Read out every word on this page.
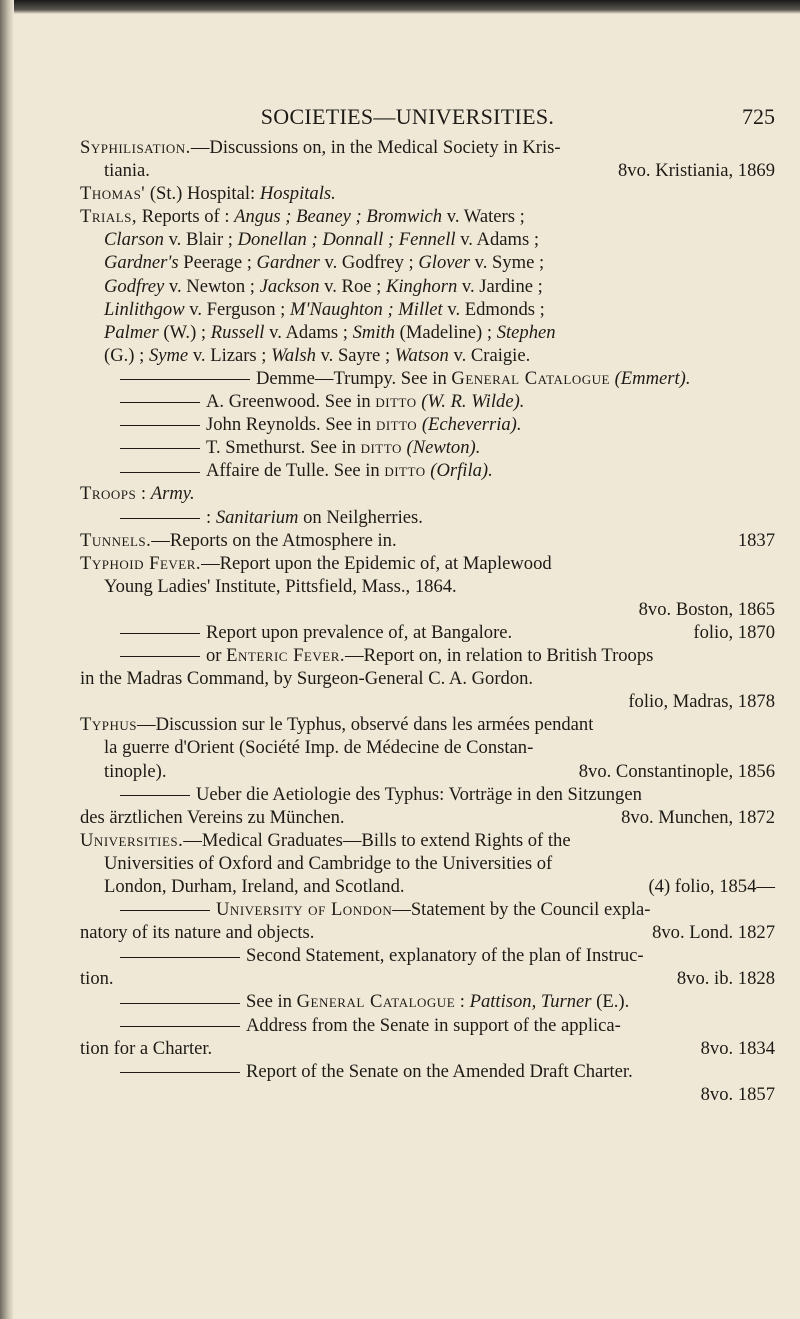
SOCIETIES—UNIVERSITIES.	725
Syphilisation.—Discussions on, in the Medical Society in Kris-
tiania.	8vo. Kristiania, 1869
Thomas' (St.) Hospital: Hospitals.
Trials, Reports of : Angus ; Beaney ; Bromwich v. Waters ;
Clarson v. Blair ; Donellan ; Donnall ; Fennell v. Adams ;
Gardner's Peerage ; Gardner v. Godfrey ; Glover v. Syme ;
Godfrey v. Newton ; Jackson v. Roe ; Kinghorn v. Jardine ;
Linlithgow v. Ferguson ; M'Naughton ; Millet v. Edmonds ;
Palmer (W.) ; Russell v. Adams ; Smith (Madeline) ; Stephen
(G.) ; Syme v. Lizars ; Walsh v. Sayre ; Watson v. Craigie.
Demme—Trumpy. See in General Catalogue (Emmert).
A. Greenwood. See in ditto (W. R. Wilde).
John Reynolds. See in ditto (Echeverria).
T. Smethurst. See in ditto (Newton).
Affaire de Tulle. See in ditto (Orfila).
Troops : Army.
: Sanitarium on Neilgherries.
Tunnels.—Reports on the Atmosphere in.	1837
Typhoid Fever.—Report upon the Epidemic of, at Maplewood
Young Ladies' Institute, Pittsfield, Mass., 1864.
8vo. Boston, 1865
Report upon prevalence of, at Bangalore.	folio, 1870
or Enteric Fever.—Report on, in relation to British Troops
in the Madras Command, by Surgeon-General C. A. Gordon.
folio, Madras, 1878
Typhus—Discussion sur le Typhus, observé dans les armées pendant
la guerre d'Orient (Société Imp. de Médecine de Constan-
tinople).	8vo. Constantinople, 1856
Ueber die Aetiologie des Typhus: Vorträge in den Sitzungen
des ärztlichen Vereins zu München.	8vo. Munchen, 1872
Universities.—Medical Graduates—Bills to extend Rights of the
Universities of Oxford and Cambridge to the Universities of
London, Durham, Ireland, and Scotland.	(4) folio, 1854—
University of London—Statement by the Council expla-
natory of its nature and objects.	8vo. Lond. 1827
Second Statement, explanatory of the plan of Instruc-
tion.	8vo. ib. 1828
See in General Catalogue : Pattison, Turner (E.).
Address from the Senate in support of the applica-
tion for a Charter.	8vo. 1834
Report of the Senate on the Amended Draft Charter.
8vo. 1857
